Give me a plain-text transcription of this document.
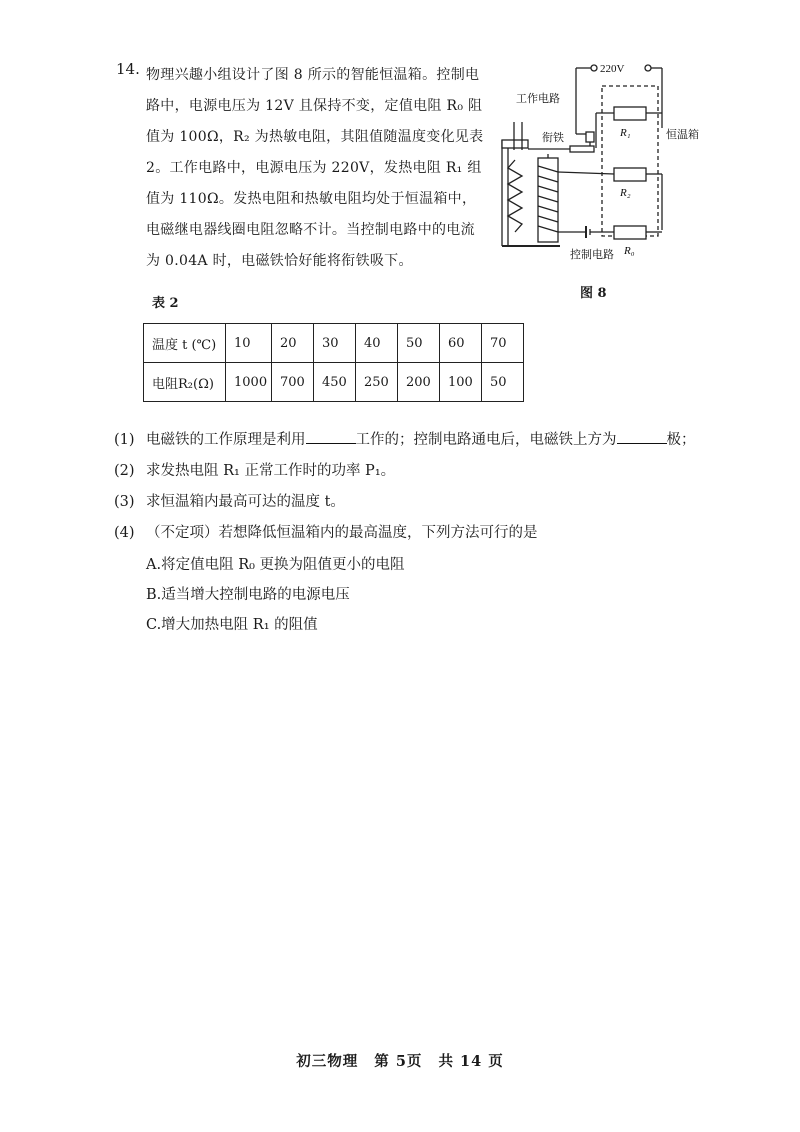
14. 物理兴趣小组设计了图 8 所示的智能恒温箱。控制电
路中，电源电压为 12V 且保持不变，定值电阻 R₀ 阻
值为 100Ω，R₂ 为热敏电阻，其阻值随温度变化见表
2。工作电路中，电源电压为 220V，发热电阻 R₁ 组
值为 110Ω。发热电阻和热敏电阻均处于恒温箱中，
电磁继电器线圈电阻忽略不计。当控制电路中的电流
为 0.04A 时，电磁铁恰好能将衔铁吸下。
220V
工作电路
衔铁	R₁	恒温箱
R₂
控制电路 R₀
图 8
表 2
温度 t (℃)	10	20	30	40	50	60	70
电阻R₂(Ω)	1000	700	450	250	200	100	50
(1) 电磁铁的工作原理是利用	工作的；控制电路通电后，电磁铁上方为	极；
(2) 求发热电阻 R₁ 正常工作时的功率 P₁。
(3) 求恒温箱内最高可达的温度 t。
(4) （不定项）若想降低恒温箱内的最高温度，下列方法可行的是
A.将定值电阻 R₀ 更换为阻值更小的电阻
B.适当增大控制电路的电源电压
C.增大加热电阻 R₁ 的阻值
初三物理 第 5页 共 14 页
